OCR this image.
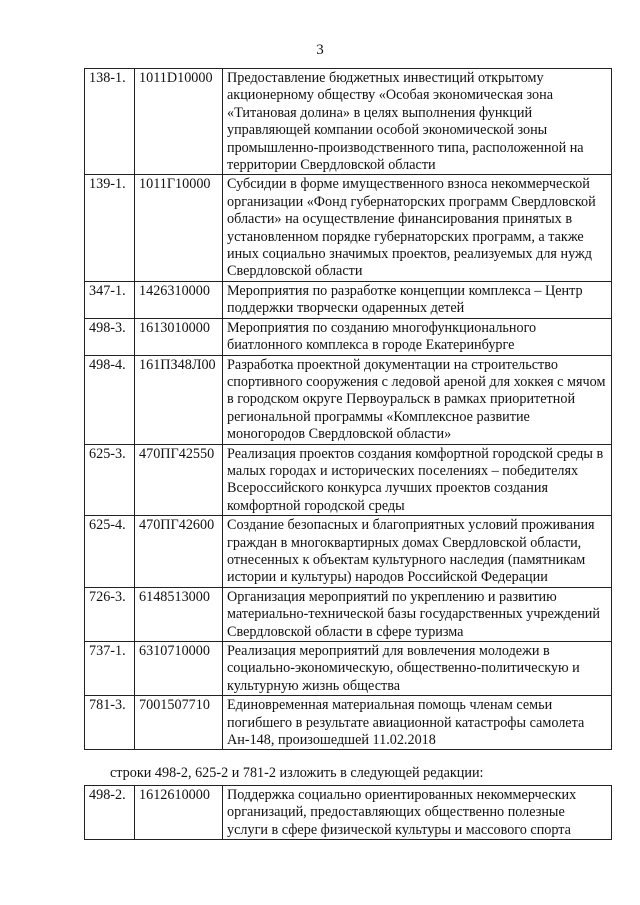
3
138-1.	1011D10000	Предоставление бюджетных инвестиций открытому акционерному обществу «Особая экономическая зона «Титановая долина» в целях выполнения функций управляющей компании особой экономической зоны промышленно-производственного типа, расположенной на территории Свердловской области
139-1.	1011Г10000	Субсидии в форме имущественного взноса некоммерческой организации «Фонд губернаторских программ Свердловской области» на осуществление финансирования принятых в установленном порядке губернаторских программ, а также иных социально значимых проектов, реализуемых для нужд Свердловской области
347-1.	1426310000	Мероприятия по разработке концепции комплекса – Центр поддержки творчески одаренных детей
498-3.	1613010000	Мероприятия по созданию многофункционального биатлонного комплекса в городе Екатеринбурге
498-4.	161ПЗ48Л00	Разработка проектной документации на строительство спортивного сооружения с ледовой ареной для хоккея с мячом в городском округе Первоуральск в рамках приоритетной региональной программы «Комплексное развитие моногородов Свердловской области»
625-3.	470ПГ42550	Реализация проектов создания комфортной городской среды в малых городах и исторических поселениях – победителях Всероссийского конкурса лучших проектов создания комфортной городской среды
625-4.	470ПГ42600	Создание безопасных и благоприятных условий проживания граждан в многоквартирных домах Свердловской области, отнесенных к объектам культурного наследия (памятникам истории и культуры) народов Российской Федерации
726-3.	6148513000	Организация мероприятий по укреплению и развитию материально-технической базы государственных учреждений Свердловской области в сфере туризма
737-1.	6310710000	Реализация мероприятий для вовлечения молодежи в социально-экономическую, общественно-политическую и культурную жизнь общества
781-3.	7001507710	Единовременная материальная помощь членам семьи погибшего в результате авиационной катастрофы самолета Ан-148, произошедшей 11.02.2018
строки 498-2, 625-2 и 781-2 изложить в следующей редакции:
498-2.	1612610000	Поддержка социально ориентированных некоммерческих организаций, предоставляющих общественно полезные услуги в сфере физической культуры и массового спорта
